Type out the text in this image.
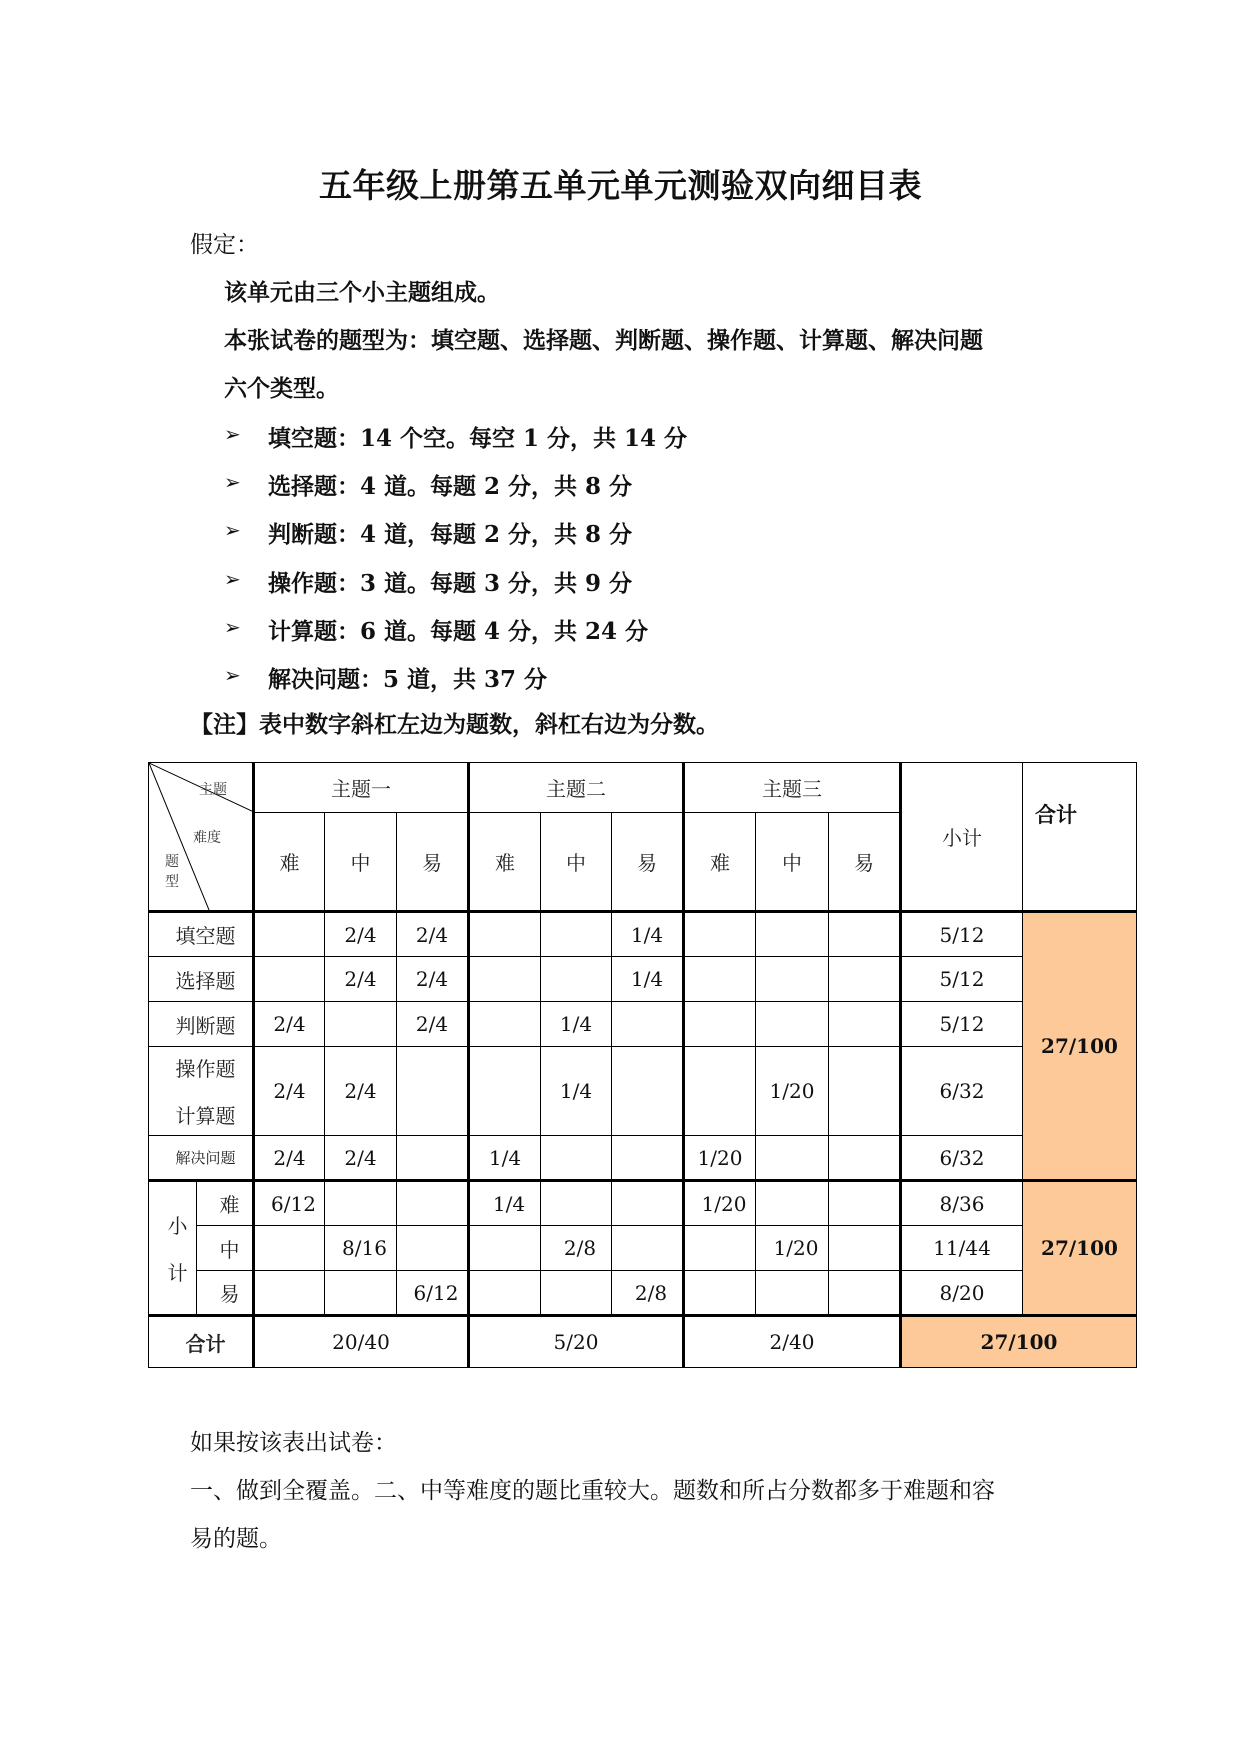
五年级上册第五单元单元测验双向细目表
假定：
该单元由三个小主题组成。
本张试卷的题型为：填空题、选择题、判断题、操作题、计算题、解决问题
六个类型。
➢ 填空题：14 个空。每空 1 分，共 14 分
➢ 选择题：4 道。每题 2 分，共 8 分
➢ 判断题：4 道，每题 2 分，共 8 分
➢ 操作题：3 道。每题 3 分，共 9 分
➢ 计算题：6 道。每题 4 分，共 24 分
➢ 解决问题：5 道，共 37 分
【注】表中数字斜杠左边为题数，斜杠右边为分数。
主题
难度
题
型		主题一			主题二			主题三			小计	合计
		难	中	易	难	中	易	难	中	易		
填空题			2/4	2/4			1/4				5/12	27/100
选择题			2/4	2/4			1/4				5/12	
判断题		2/4		2/4		1/4					5/12	

操作题
计算题		2/4	2/4			1/4			1/20		6/32	
解决问题		2/4	2/4		1/4			1/20			6/32	

小
计	难	6/12			1/4			1/20			8/36	27/100
	中		8/16			2/8			1/20		11/44	
	易			6/12			2/8				8/20	
合计		20/40			5/20			2/40			27/100	
如果按该表出试卷：
一、做到全覆盖。二、中等难度的题比重较大。题数和所占分数都多于难题和容
易的题。
